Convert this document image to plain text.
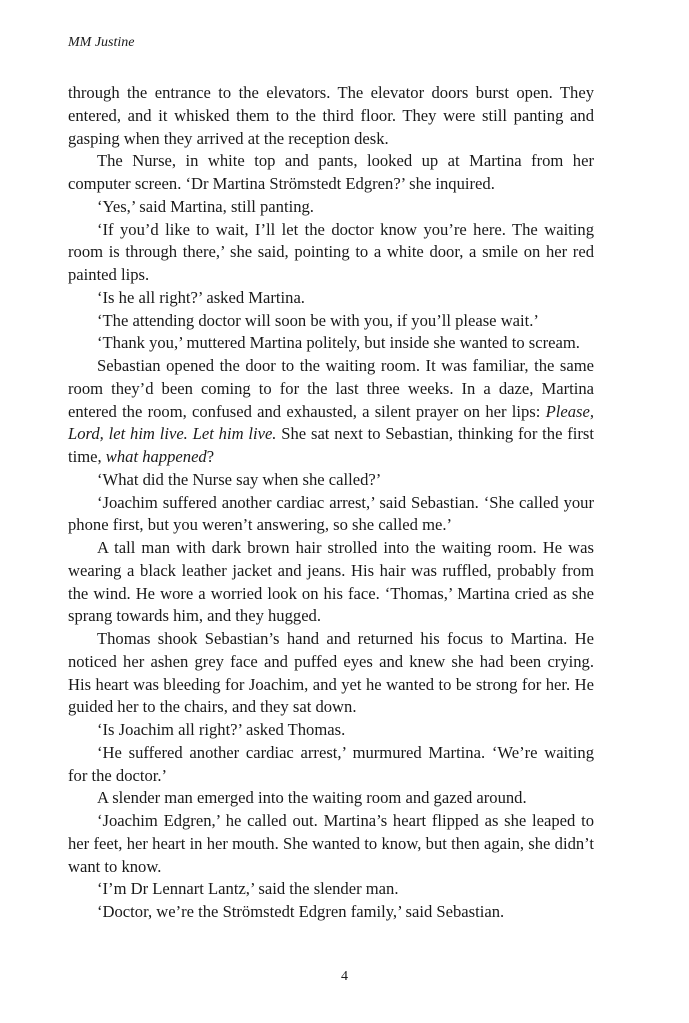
MM Justine

through the entrance to the elevators. The elevator doors burst open. They entered, and it whisked them to the third floor. They were still panting and gasping when they arrived at the reception desk.

The Nurse, in white top and pants, looked up at Martina from her computer screen. ‘Dr Martina Strömstedt Edgren?’ she inquired.

‘Yes,’ said Martina, still panting.

‘If you’d like to wait, I’ll let the doctor know you’re here. The waiting room is through there,’ she said, pointing to a white door, a smile on her red painted lips.

‘Is he all right?’ asked Martina.

‘The attending doctor will soon be with you, if you’ll please wait.’

‘Thank you,’ muttered Martina politely, but inside she wanted to scream.

Sebastian opened the door to the waiting room. It was familiar, the same room they’d been coming to for the last three weeks. In a daze, Martina entered the room, confused and exhausted, a silent prayer on her lips: Please, Lord, let him live. Let him live. She sat next to Sebastian, thinking for the first time, what happened?

‘What did the Nurse say when she called?’

‘Joachim suffered another cardiac arrest,’ said Sebastian. ‘She called your phone first, but you weren’t answering, so she called me.’

A tall man with dark brown hair strolled into the waiting room. He was wearing a black leather jacket and jeans. His hair was ruffled, probably from the wind. He wore a worried look on his face. ‘Thomas,’ Martina cried as she sprang towards him, and they hugged.

Thomas shook Sebastian’s hand and returned his focus to Martina. He noticed her ashen grey face and puffed eyes and knew she had been crying. His heart was bleeding for Joachim, and yet he wanted to be strong for her. He guided her to the chairs, and they sat down.

‘Is Joachim all right?’ asked Thomas.

‘He suffered another cardiac arrest,’ murmured Martina. ‘We’re waiting for the doctor.’

A slender man emerged into the waiting room and gazed around.

‘Joachim Edgren,’ he called out. Martina’s heart flipped as she leaped to her feet, her heart in her mouth. She wanted to know, but then again, she didn’t want to know.

‘I’m Dr Lennart Lantz,’ said the slender man.

‘Doctor, we’re the Strömstedt Edgren family,’ said Sebastian.

4
